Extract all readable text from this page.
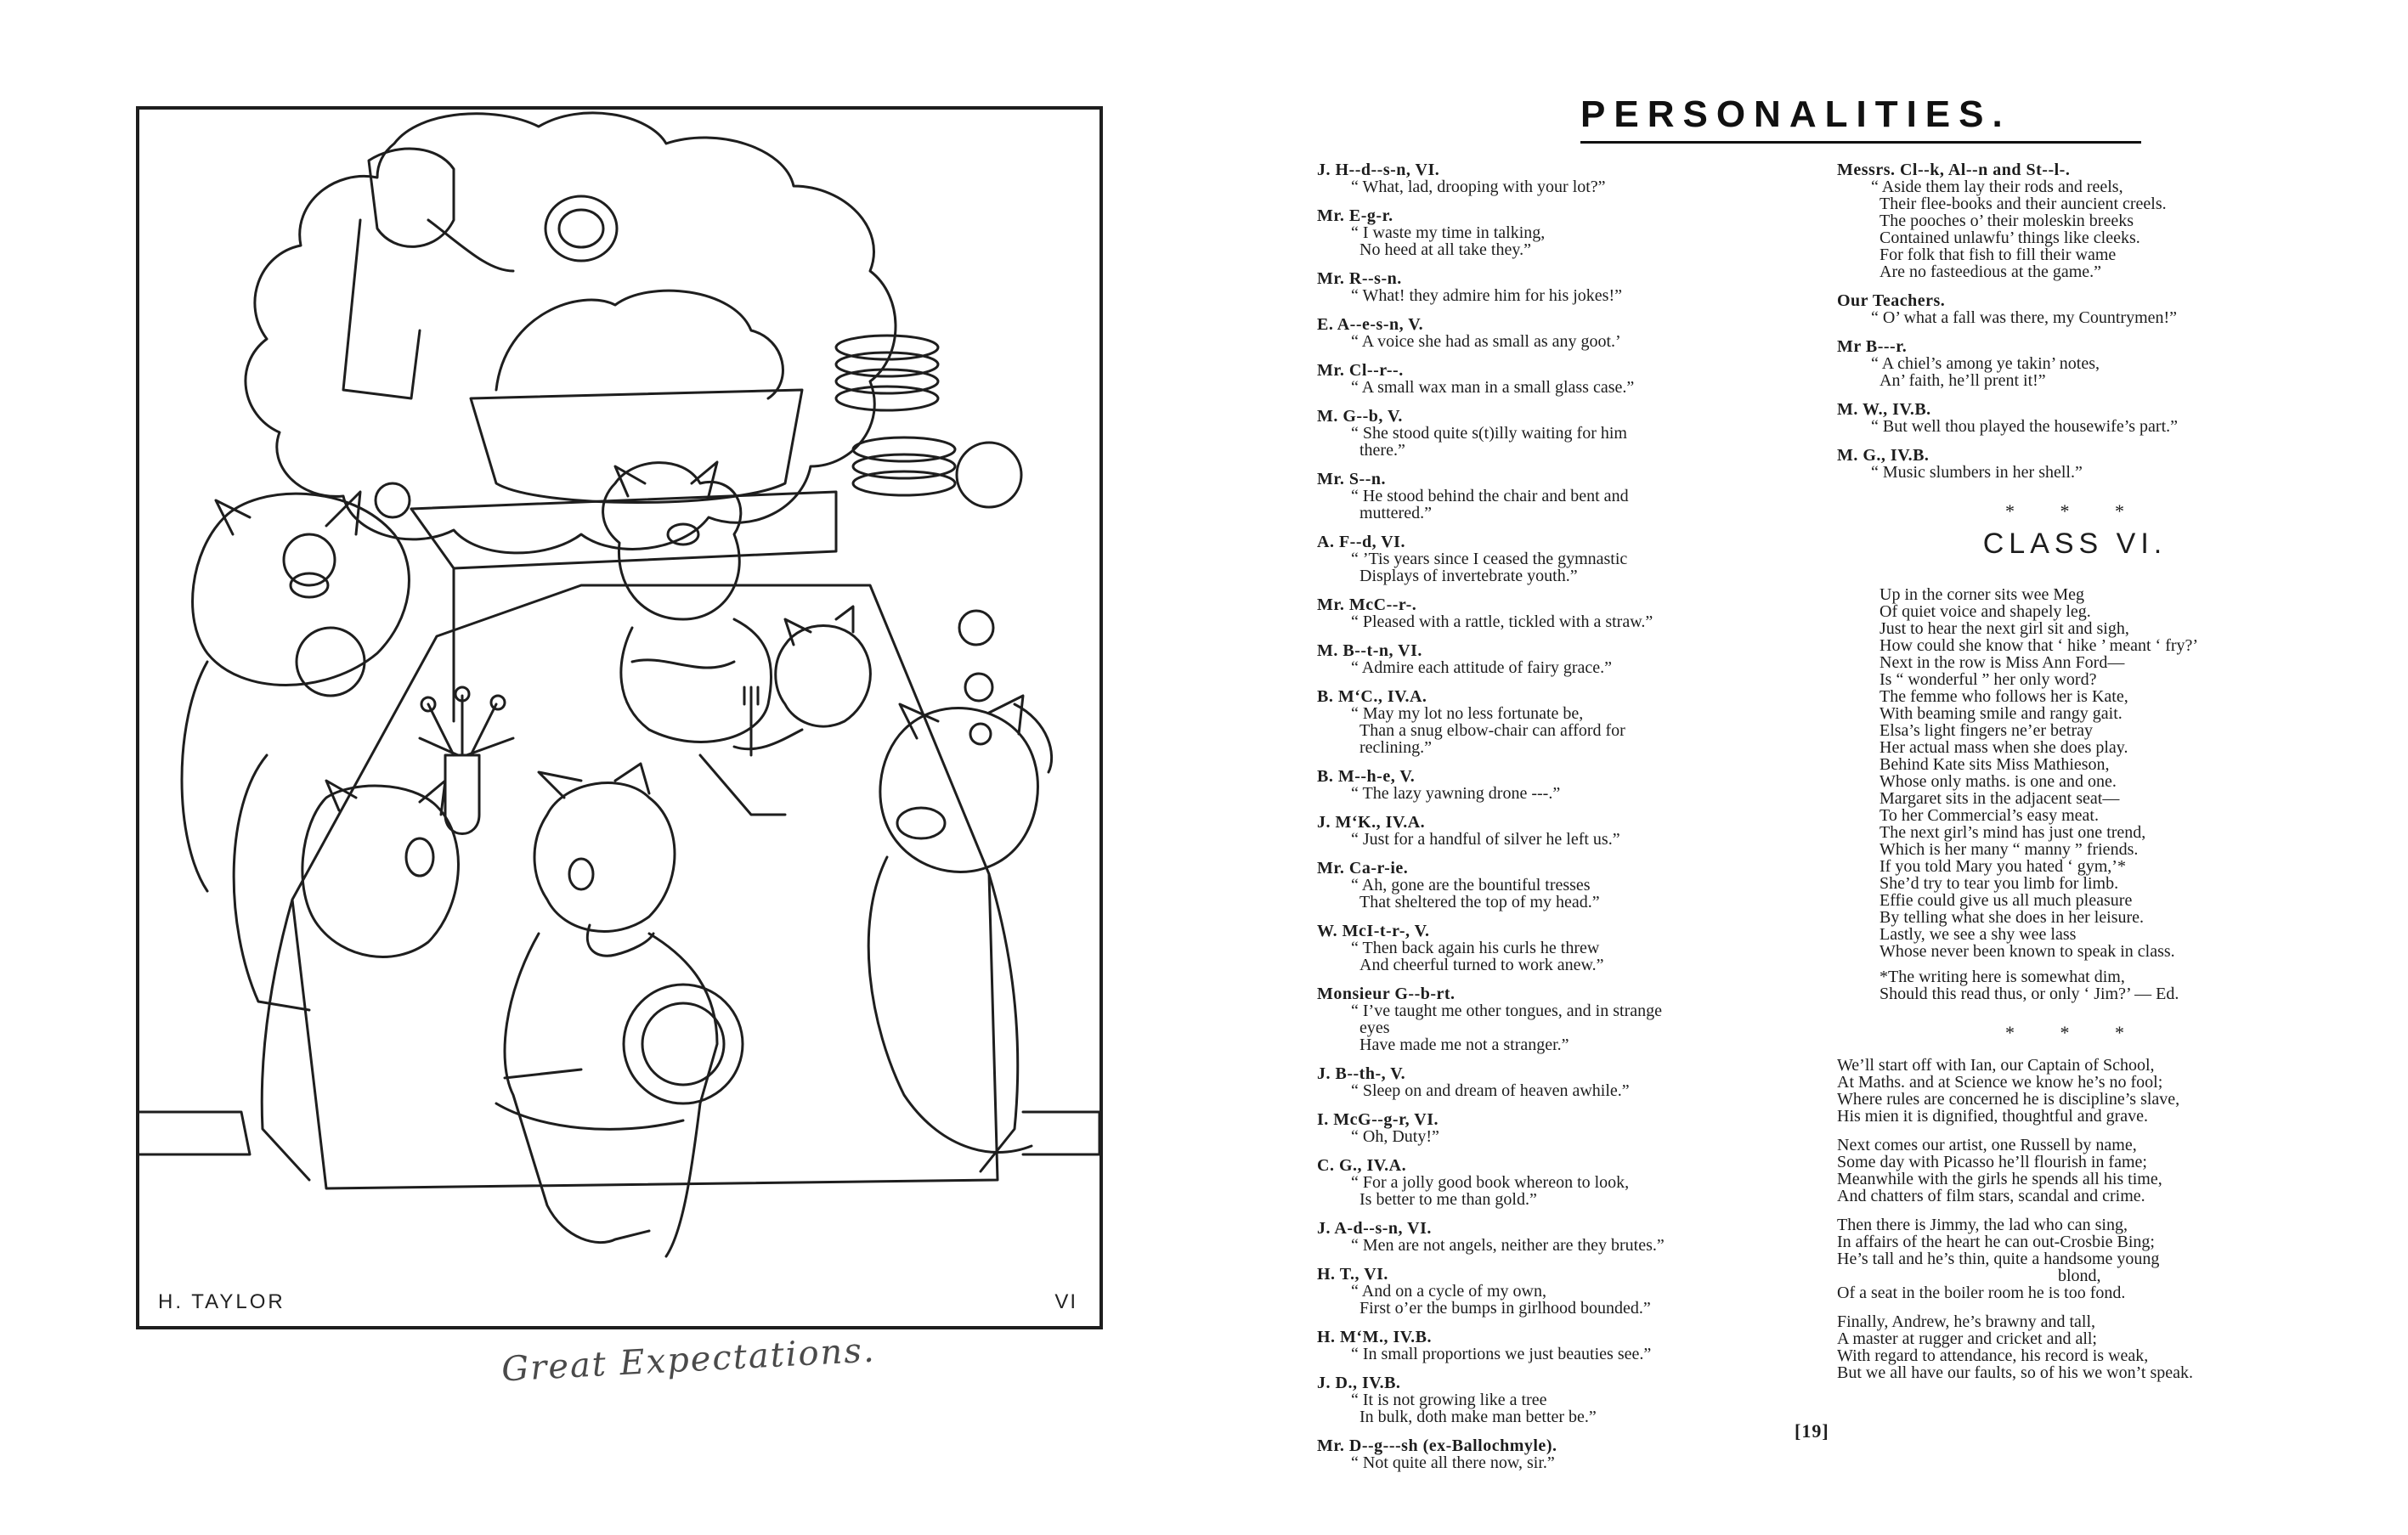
H. TAYLOR	VI
Great Expectations.
PERSONALITIES.
J. H--d--s-n, VI.
“ What, lad, drooping with your lot?”
Mr. E-g-r.
“ I waste my time in talking,
No heed at all take they.”
Mr. R--s-n.
“ What! they admire him for his jokes!”
E. A--e-s-n, V.
“ A voice she had as small as any goot.’
Mr. Cl--r--.
“ A small wax man in a small glass case.”
M. G--b, V.
“ She stood quite s(t)illy waiting for him
there.”
Mr. S--n.
“ He stood behind the chair and bent and
muttered.”
A. F--d, VI.
“ ’Tis years since I ceased the gymnastic
Displays of invertebrate youth.”
Mr. McC--r-.
“ Pleased with a rattle, tickled with a straw.”
M. B--t-n, VI.
“ Admire each attitude of fairy grace.”
B. M‘C., IV.A.
“ May my lot no less fortunate be,
Than a snug elbow-chair can afford for
reclining.”
B. M--h-e, V.
“ The lazy yawning drone ---.”
J. M‘K., IV.A.
“ Just for a handful of silver he left us.”
Mr. Ca-r-ie.
“ Ah, gone are the bountiful tresses
That sheltered the top of my head.”
W. McI-t-r-, V.
“ Then back again his curls he threw
And cheerful turned to work anew.”
Monsieur G--b-rt.
“ I’ve taught me other tongues, and in strange
eyes
Have made me not a stranger.”
J. B--th-, V.
“ Sleep on and dream of heaven awhile.”
I. McG--g-r, VI.
“ Oh, Duty!”
C. G., IV.A.
“ For a jolly good book whereon to look,
Is better to me than gold.”
J. A-d--s-n, VI.
“ Men are not angels, neither are they brutes.”
H. T., VI.
“ And on a cycle of my own,
First o’er the bumps in girlhood bounded.”
H. M‘M., IV.B.
“ In small proportions we just beauties see.”
J. D., IV.B.
“ It is not growing like a tree
In bulk, doth make man better be.”
Mr. D--g---sh (ex-Ballochmyle).
“ Not quite all there now, sir.”
Messrs. Cl--k, Al--n and St--l-.
“ Aside them lay their rods and reels,
Their flee-books and their auncient creels.
The pooches o’ their moleskin breeks
Contained unlawfu’ things like cleeks.
For folk that fish to fill their wame
Are no fasteedious at the game.”
Our Teachers.
“ O’ what a fall was there, my Countrymen!”
Mr B---r.
“ A chiel’s among ye takin’ notes,
An’ faith, he’ll prent it!”
M. W., IV.B.
“ But well thou played the housewife’s part.”
M. G., IV.B.
“ Music slumbers in her shell.”
* * *
CLASS VI.
Up in the corner sits wee Meg
Of quiet voice and shapely leg.
Just to hear the next girl sit and sigh,
How could she know that ‘ hike ’ meant ‘ fry?’
Next in the row is Miss Ann Ford—
Is “ wonderful ” her only word?
The femme who follows her is Kate,
With beaming smile and rangy gait.
Elsa’s light fingers ne’er betray
Her actual mass when she does play.
Behind Kate sits Miss Mathieson,
Whose only maths. is one and one.
Margaret sits in the adjacent seat—
To her Commercial’s easy meat.
The next girl’s mind has just one trend,
Which is her many “ manny ” friends.
If you told Mary you hated ‘ gym,’*
She’d try to tear you limb for limb.
Effie could give us all much pleasure
By telling what she does in her leisure.
Lastly, we see a shy wee lass
Whose never been known to speak in class.
*The writing here is somewhat dim,
Should this read thus, or only ‘ Jim?’ — Ed.
* * *
We’ll start off with Ian, our Captain of School,
At Maths. and at Science we know he’s no fool;
Where rules are concerned he is discipline’s slave,
His mien it is dignified, thoughtful and grave.
Next comes our artist, one Russell by name,
Some day with Picasso he’ll flourish in fame;
Meanwhile with the girls he spends all his time,
And chatters of film stars, scandal and crime.
Then there is Jimmy, the lad who can sing,
In affairs of the heart he can out-Crosbie Bing;
He’s tall and he’s thin, quite a handsome young
blond,
Of a seat in the boiler room he is too fond.
Finally, Andrew, he’s brawny and tall,
A master at rugger and cricket and all;
With regard to attendance, his record is weak,
But we all have our faults, so of his we won’t speak.
[19]
